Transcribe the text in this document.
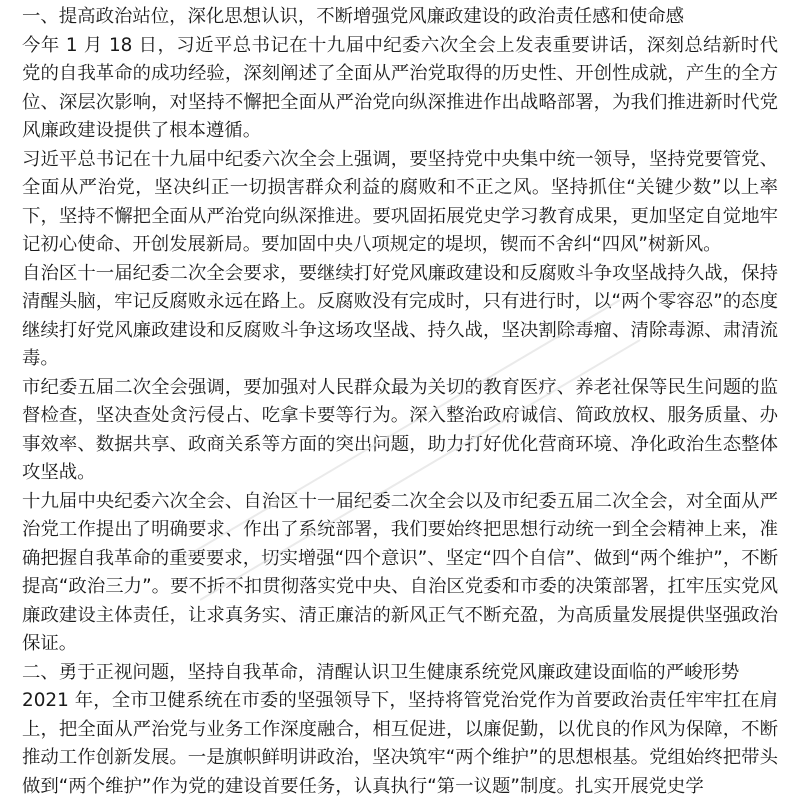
一、提高政治站位，深化思想认识，不断增强党风廉政建设的政治责任感和使命感

今年 1 月 18 日，习近平总书记在十九届中纪委六次全会上发表重要讲话，深刻总结新时代党的自我革命的成功经验，深刻阐述了全面从严治党取得的历史性、开创性成就，产生的全方位、深层次影响，对坚持不懈把全面从严治党向纵深推进作出战略部署，为我们推进新时代党风廉政建设提供了根本遵循。

习近平总书记在十九届中纪委六次全会上强调，要坚持党中央集中统一领导，坚持党要管党、全面从严治党，坚决纠正一切损害群众利益的腐败和不正之风。坚持抓住“关键少数”以上率下，坚持不懈把全面从严治党向纵深推进。要巩固拓展党史学习教育成果，更加坚定自觉地牢记初心使命、开创发展新局。要加固中央八项规定的堤坝，锲而不舍纠“四风”树新风。

自治区十一届纪委二次全会要求，要继续打好党风廉政建设和反腐败斗争攻坚战持久战，保持清醒头脑，牢记反腐败永远在路上。反腐败没有完成时，只有进行时，以“两个零容忍”的态度继续打好党风廉政建设和反腐败斗争这场攻坚战、持久战，坚决割除毒瘤、清除毒源、肃清流毒。

市纪委五届二次全会强调，要加强对人民群众最为关切的教育医疗、养老社保等民生问题的监督检查，坚决查处贪污侵占、吃拿卡要等行为。深入整治政府诚信、简政放权、服务质量、办事效率、数据共享、政商关系等方面的突出问题，助力打好优化营商环境、净化政治生态整体攻坚战。

十九届中央纪委六次全会、自治区十一届纪委二次全会以及市纪委五届二次全会，对全面从严治党工作提出了明确要求、作出了系统部署，我们要始终把思想行动统一到全会精神上来，准确把握自我革命的重要要求，切实增强“四个意识”、坚定“四个自信”、做到“两个维护”，不断提高“政治三力”。要不折不扣贯彻落实党中央、自治区党委和市委的决策部署，扛牢压实党风廉政建设主体责任，让求真务实、清正廉洁的新风正气不断充盈，为高质量发展提供坚强政治保证。

二、勇于正视问题，坚持自我革命，清醒认识卫生健康系统党风廉政建设面临的严峻形势

2021 年，全市卫健系统在市委的坚强领导下，坚持将管党治党作为首要政治责任牢牢扛在肩上，把全面从严治党与业务工作深度融合，相互促进，以廉促勤，以优良的作风为保障，不断推动工作创新发展。一是旗帜鲜明讲政治，坚决筑牢“两个维护”的思想根基。党组始终把带头做到“两个维护”作为党的建设首要任务，认真执行“第一议题”制度。扎实开展党史学
